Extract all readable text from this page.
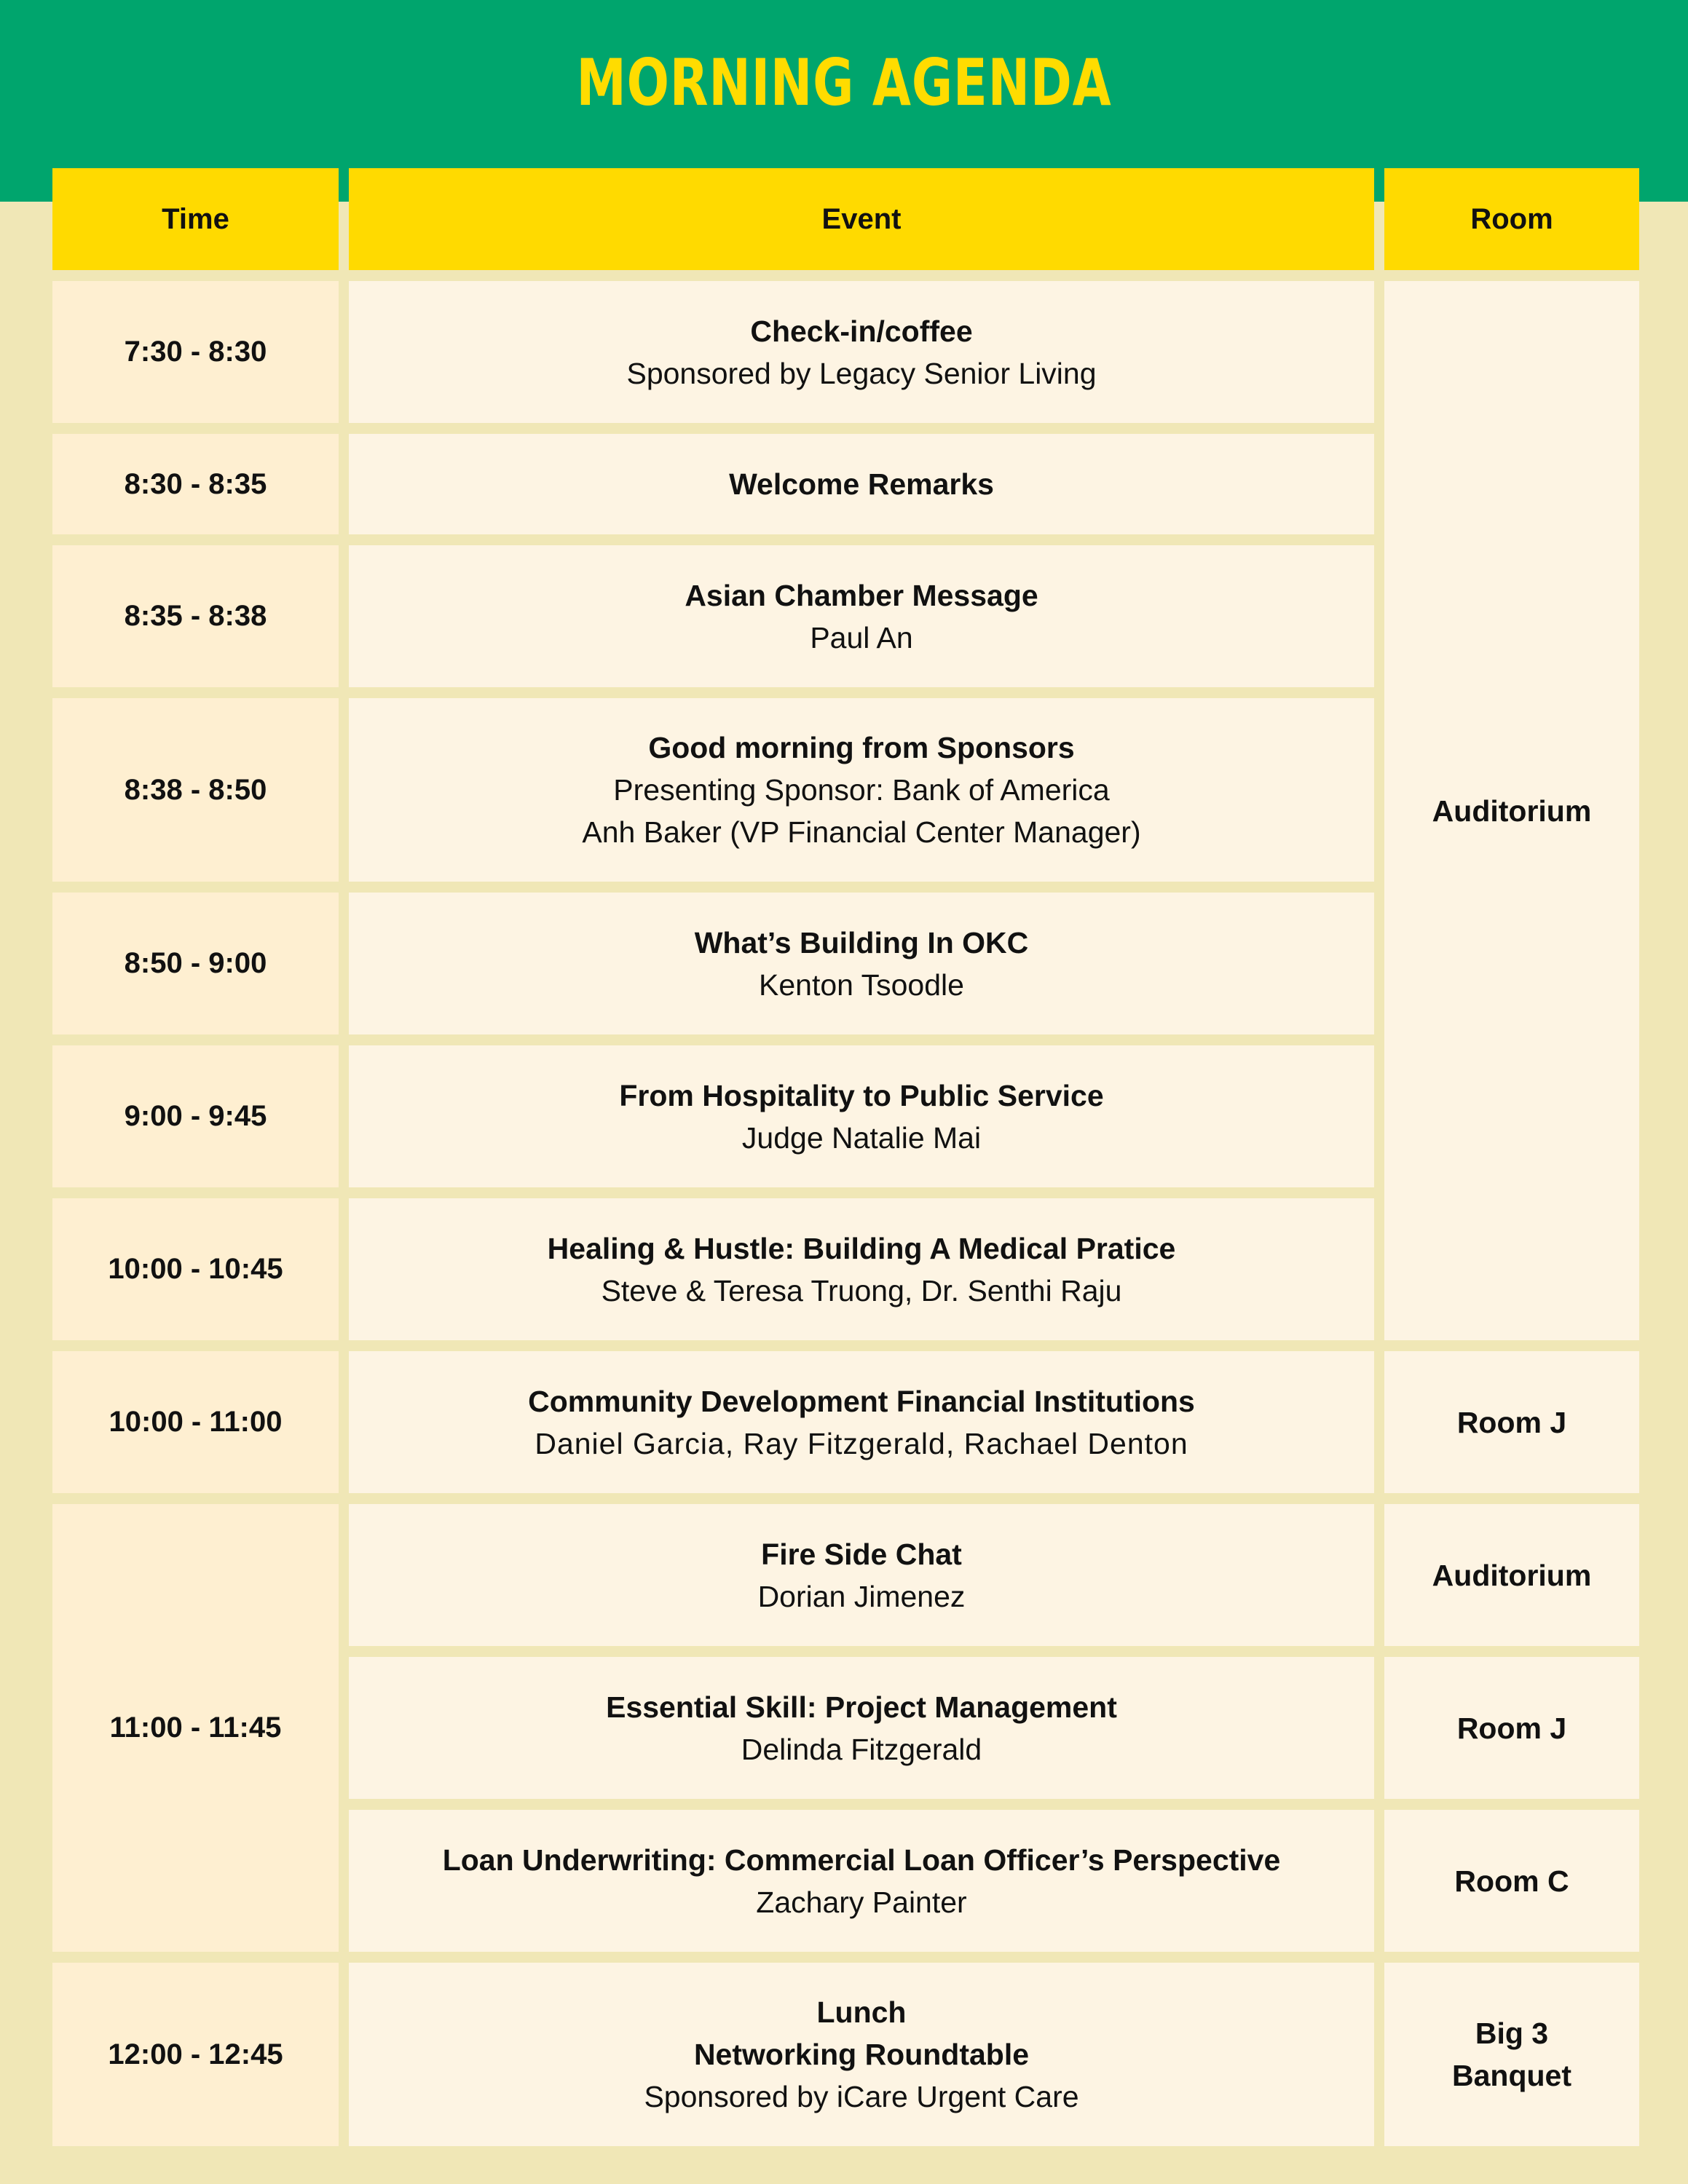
MORNING AGENDA
Time	Event	Room
7:30 - 8:30
8:30 - 8:35
8:35 - 8:38
8:38 - 8:50
8:50 - 9:00
9:00 - 9:45
10:00 - 10:45
10:00 - 11:00
11:00 - 11:45
12:00 - 12:45
Check-in/coffee
Sponsored by Legacy Senior Living
Welcome Remarks
Asian Chamber Message
Paul An
Good morning from Sponsors
Presenting Sponsor: Bank of America
Anh Baker (VP Financial Center Manager)
What’s Building In OKC
Kenton Tsoodle
From Hospitality to Public Service
Judge Natalie Mai
Healing & Hustle: Building A Medical Pratice
Steve & Teresa Truong, Dr. Senthi Raju
Community Development Financial Institutions
Daniel Garcia, Ray Fitzgerald, Rachael Denton
Fire Side Chat
Dorian Jimenez
Essential Skill: Project Management
Delinda Fitzgerald
Loan Underwriting: Commercial Loan Officer’s Perspective
Zachary Painter
Lunch
Networking Roundtable
Sponsored by iCare Urgent Care
Auditorium
Room J
Auditorium
Room J
Room C
Big 3
Banquet
